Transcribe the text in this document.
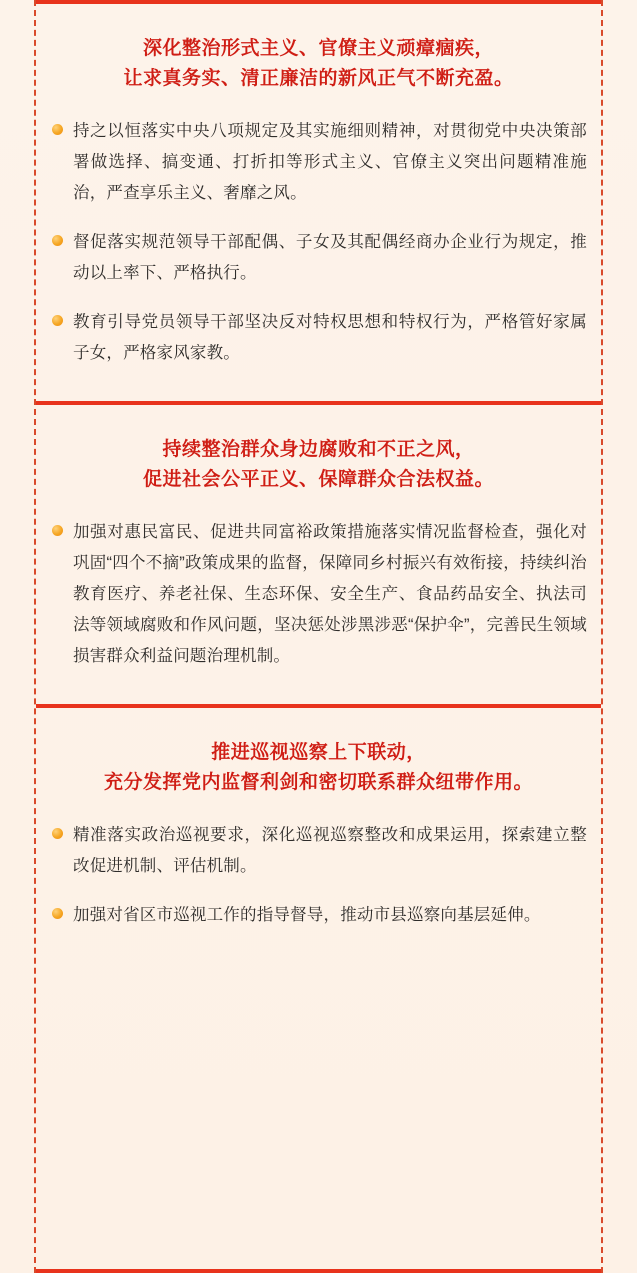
深化整治形式主义、官僚主义顽瘴痼疾，
让求真务实、清正廉洁的新风正气不断充盈。
持之以恒落实中央八项规定及其实施细则精神，对贯彻党中央决策部署做选择、搞变通、打折扣等形式主义、官僚主义突出问题精准施治，严查享乐主义、奢靡之风。
督促落实规范领导干部配偶、子女及其配偶经商办企业行为规定，推动以上率下、严格执行。
教育引导党员领导干部坚决反对特权思想和特权行为，严格管好家属子女，严格家风家教。
持续整治群众身边腐败和不正之风，
促进社会公平正义、保障群众合法权益。
加强对惠民富民、促进共同富裕政策措施落实情况监督检查，强化对巩固“四个不摘”政策成果的监督，保障同乡村振兴有效衔接，持续纠治教育医疗、养老社保、生态环保、安全生产、食品药品安全、执法司法等领域腐败和作风问题，坚决惩处涉黑涉恶“保护伞”，完善民生领域损害群众利益问题治理机制。
推进巡视巡察上下联动，
充分发挥党内监督利剑和密切联系群众纽带作用。
精准落实政治巡视要求，深化巡视巡察整改和成果运用，探索建立整改促进机制、评估机制。
加强对省区市巡视工作的指导督导，推动市县巡察向基层延伸。
